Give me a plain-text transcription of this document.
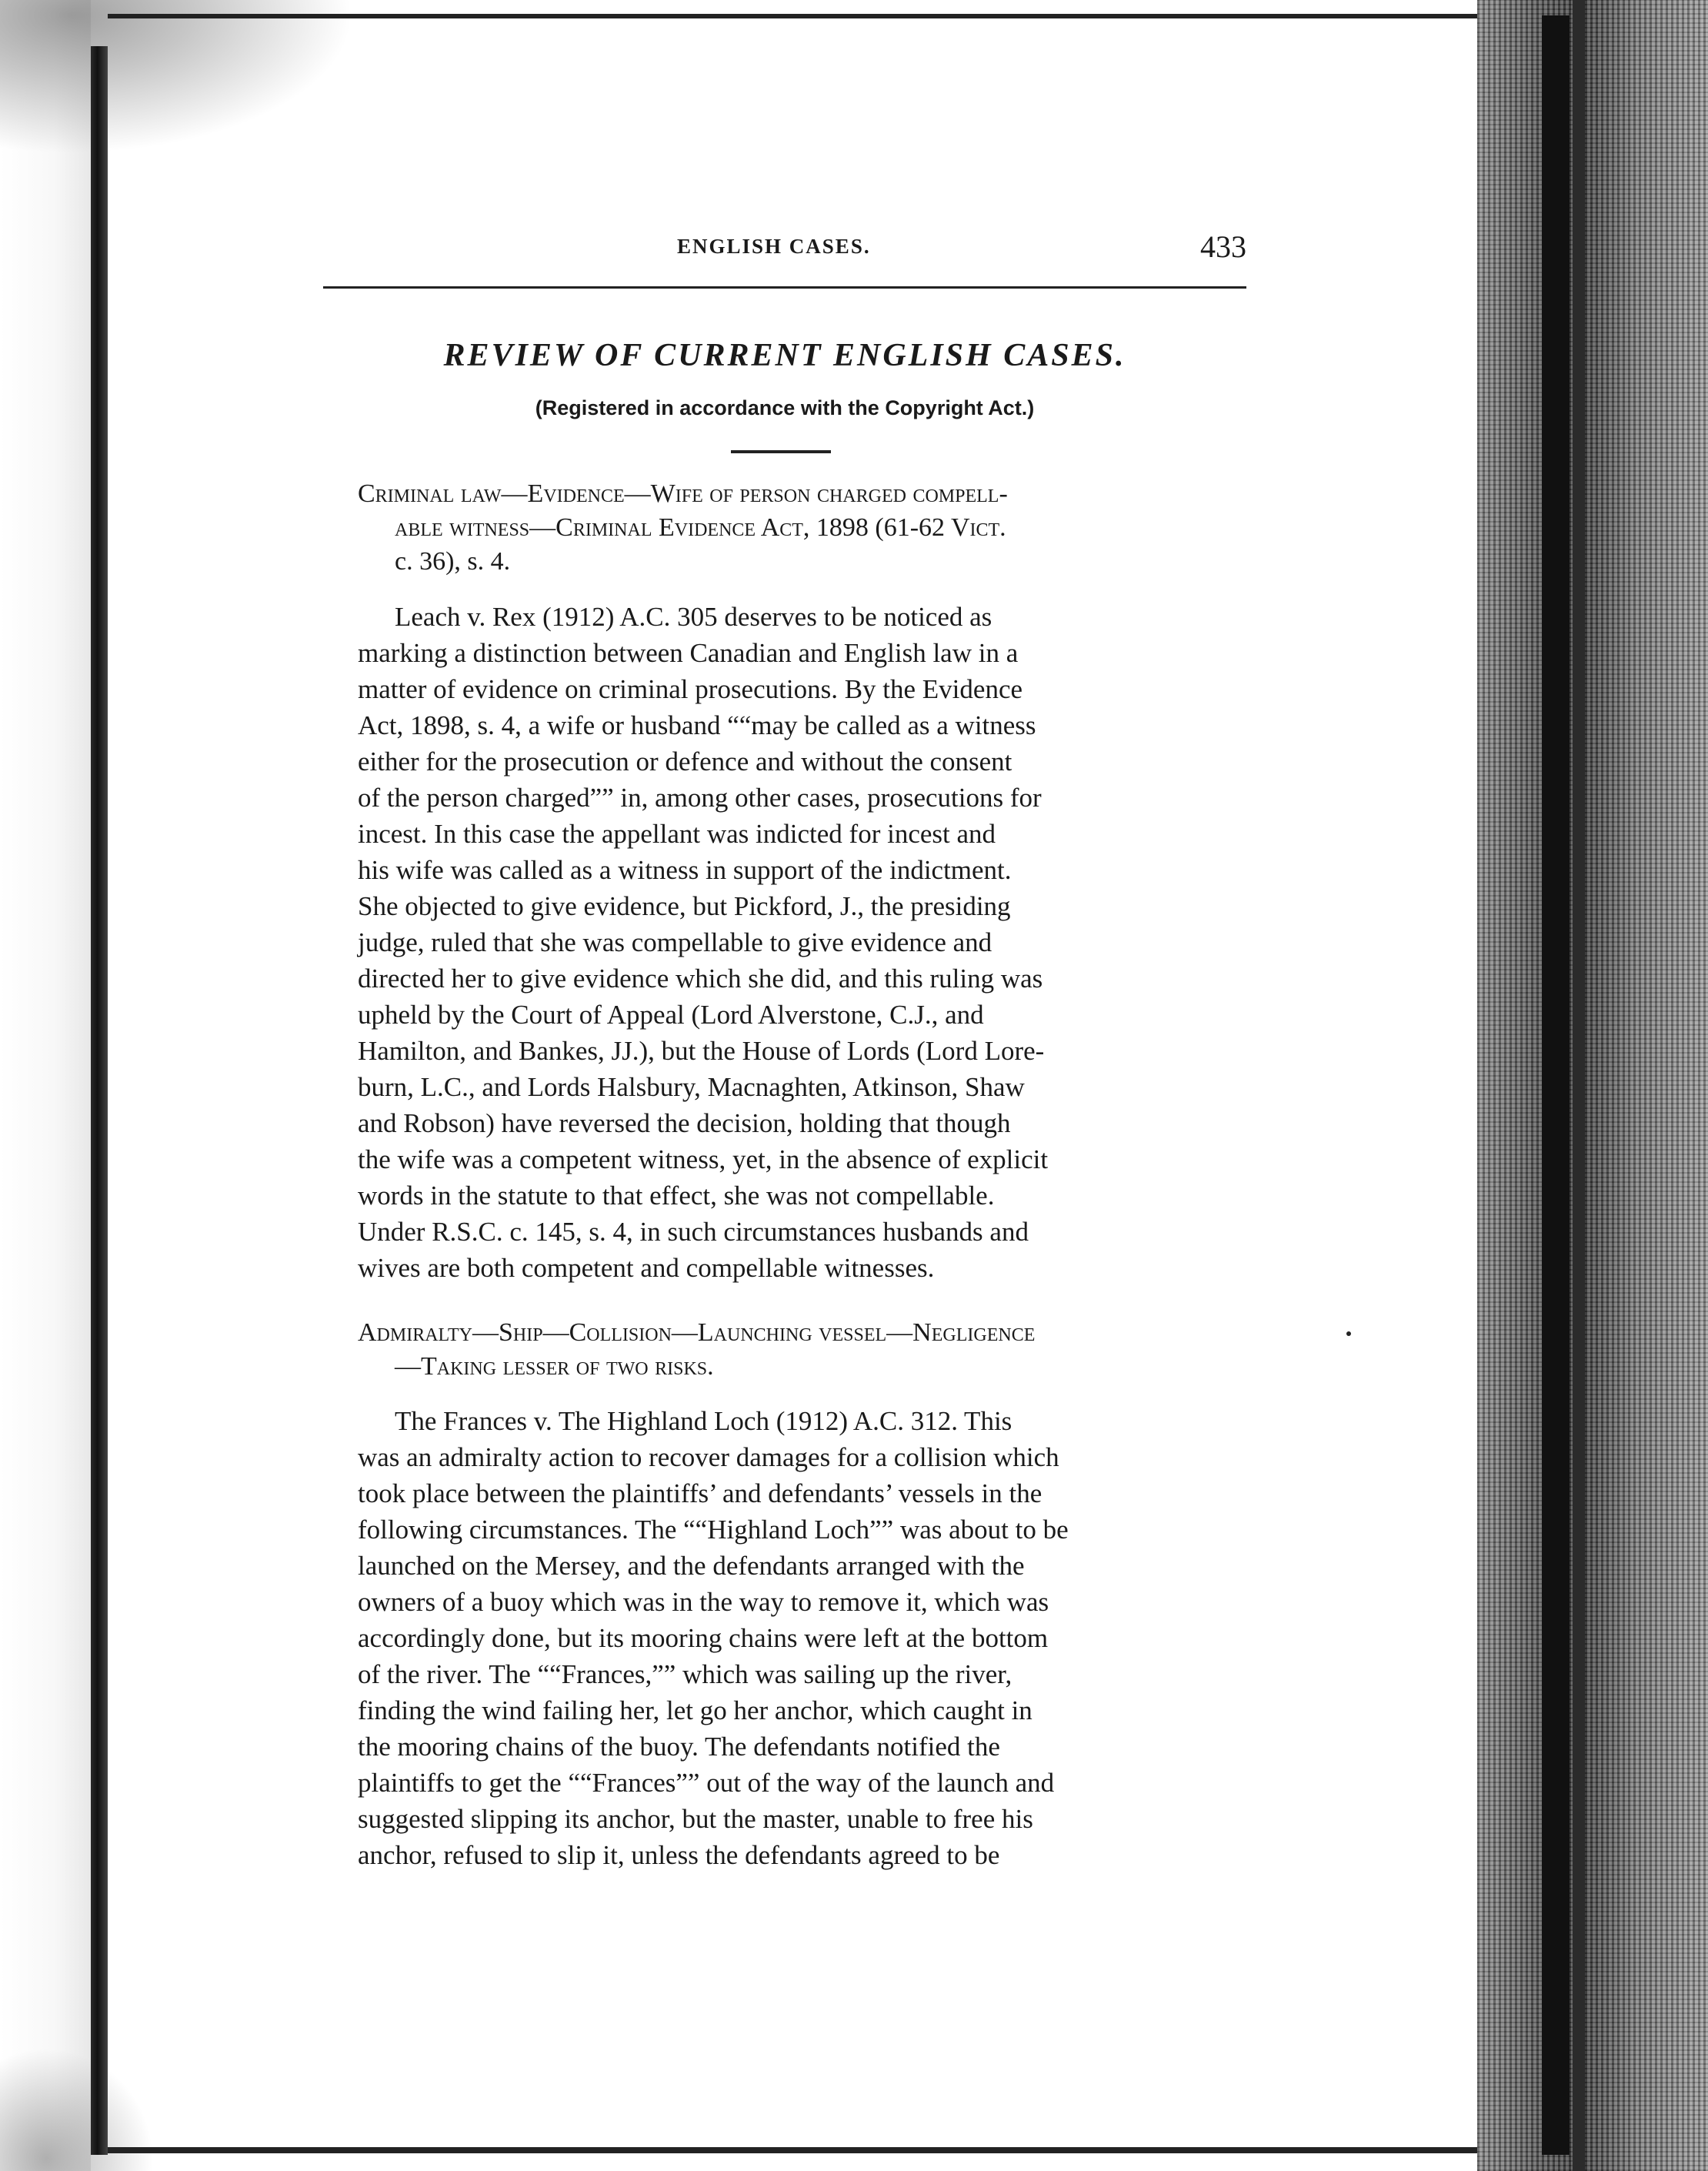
ENGLISH CASES.	433
REVIEW OF CURRENT ENGLISH CASES.
(Registered in accordance with the Copyright Act.)
Criminal law—Evidence—Wife of person charged compell-
able witness—Criminal Evidence Act, 1898 (61-62 Vict.
c. 36), s. 4.
Leach v. Rex (1912) A.C. 305 deserves to be noticed as
marking a distinction between Canadian and English law in a
matter of evidence on criminal prosecutions. By the Evidence
Act, 1898, s. 4, a wife or husband ““may be called as a witness
either for the prosecution or defence and without the consent
of the person charged”” in, among other cases, prosecutions for
incest. In this case the appellant was indicted for incest and
his wife was called as a witness in support of the indictment.
She objected to give evidence, but Pickford, J., the presiding
judge, ruled that she was compellable to give evidence and
directed her to give evidence which she did, and this ruling was
upheld by the Court of Appeal (Lord Alverstone, C.J., and
Hamilton, and Bankes, JJ.), but the House of Lords (Lord Lore-
burn, L.C., and Lords Halsbury, Macnaghten, Atkinson, Shaw
and Robson) have reversed the decision, holding that though
the wife was a competent witness, yet, in the absence of explicit
words in the statute to that effect, she was not compellable.
Under R.S.C. c. 145, s. 4, in such circumstances husbands and
wives are both competent and compellable witnesses.
Admiralty—Ship—Collision—Launching vessel—Negligence
—Taking lesser of two risks.
The Frances v. The Highland Loch (1912) A.C. 312. This
was an admiralty action to recover damages for a collision which
took place between the plaintiffs’ and defendants’ vessels in the
following circumstances. The ““Highland Loch”” was about to be
launched on the Mersey, and the defendants arranged with the
owners of a buoy which was in the way to remove it, which was
accordingly done, but its mooring chains were left at the bottom
of the river. The ““Frances,”” which was sailing up the river,
finding the wind failing her, let go her anchor, which caught in
the mooring chains of the buoy. The defendants notified the
plaintiffs to get the ““Frances”” out of the way of the launch and
suggested slipping its anchor, but the master, unable to free his
anchor, refused to slip it, unless the defendants agreed to be
